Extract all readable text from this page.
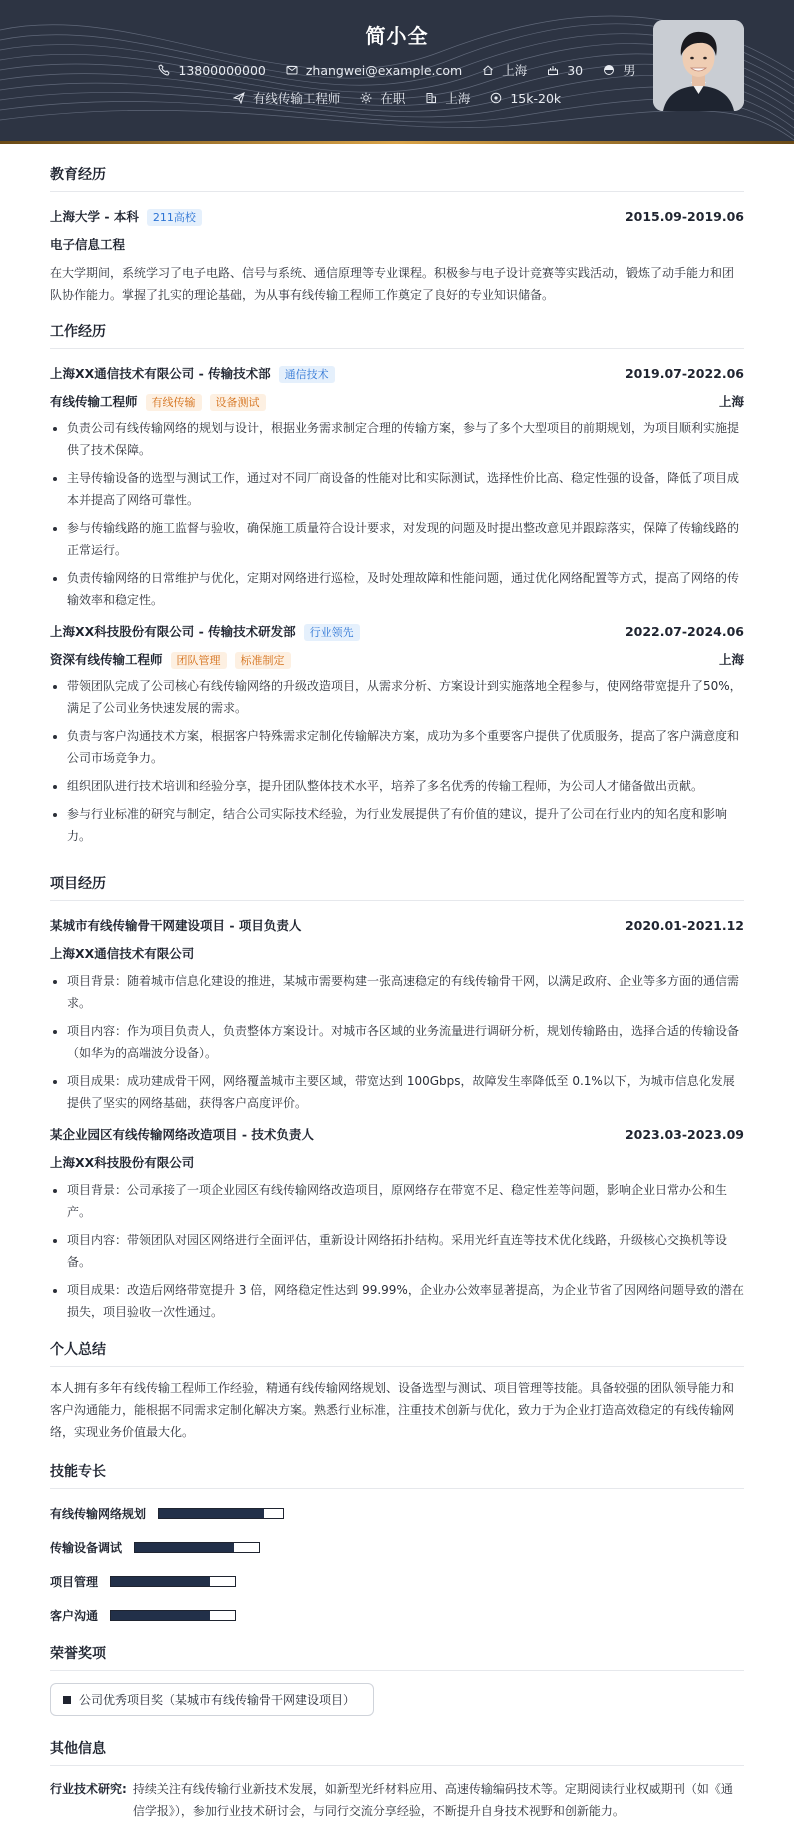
简小全
13800000000	zhangwei@example.com	上海	30	男
有线传输工程师	在职	上海	15k-20k
教育经历
上海大学 - 本科 211高校	2015.09-2019.06
电子信息工程
在大学期间，系统学习了电子电路、信号与系统、通信原理等专业课程。积极参与电子设计竞赛等实践活动，锻炼了动手能力和团队协作能力。掌握了扎实的理论基础，为从事有线传输工程师工作奠定了良好的专业知识储备。
工作经历
上海XX通信技术有限公司 - 传输技术部 通信技术	2019.07-2022.06
有线传输工程师 有线传输 设备测试	上海
负责公司有线传输网络的规划与设计，根据业务需求制定合理的传输方案，参与了多个大型项目的前期规划，为项目顺利实施提供了技术保障。
主导传输设备的选型与测试工作，通过对不同厂商设备的性能对比和实际测试，选择性价比高、稳定性强的设备，降低了项目成本并提高了网络可靠性。
参与传输线路的施工监督与验收，确保施工质量符合设计要求，对发现的问题及时提出整改意见并跟踪落实，保障了传输线路的正常运行。
负责传输网络的日常维护与优化，定期对网络进行巡检，及时处理故障和性能问题，通过优化网络配置等方式，提高了网络的传输效率和稳定性。
上海XX科技股份有限公司 - 传输技术研发部 行业领先	2022.07-2024.06
资深有线传输工程师 团队管理 标准制定	上海
带领团队完成了公司核心有线传输网络的升级改造项目，从需求分析、方案设计到实施落地全程参与，使网络带宽提升了50%，满足了公司业务快速发展的需求。
负责与客户沟通技术方案，根据客户特殊需求定制化传输解决方案，成功为多个重要客户提供了优质服务，提高了客户满意度和公司市场竞争力。
组织团队进行技术培训和经验分享，提升团队整体技术水平，培养了多名优秀的传输工程师，为公司人才储备做出贡献。
参与行业标准的研究与制定，结合公司实际技术经验，为行业发展提供了有价值的建议，提升了公司在行业内的知名度和影响力。
项目经历
某城市有线传输骨干网建设项目 - 项目负责人	2020.01-2021.12
上海XX通信技术有限公司
项目背景：随着城市信息化建设的推进，某城市需要构建一张高速稳定的有线传输骨干网，以满足政府、企业等多方面的通信需求。
项目内容：作为项目负责人，负责整体方案设计。对城市各区域的业务流量进行调研分析，规划传输路由，选择合适的传输设备（如华为的高端波分设备）。
项目成果：成功建成骨干网，网络覆盖城市主要区域，带宽达到 100Gbps，故障发生率降低至 0.1%以下，为城市信息化发展提供了坚实的网络基础，获得客户高度评价。
某企业园区有线传输网络改造项目 - 技术负责人	2023.03-2023.09
上海XX科技股份有限公司
项目背景：公司承接了一项企业园区有线传输网络改造项目，原网络存在带宽不足、稳定性差等问题，影响企业日常办公和生产。
项目内容：带领团队对园区网络进行全面评估，重新设计网络拓扑结构。采用光纤直连等技术优化线路，升级核心交换机等设备。
项目成果：改造后网络带宽提升 3 倍，网络稳定性达到 99.99%，企业办公效率显著提高，为企业节省了因网络问题导致的潜在损失，项目验收一次性通过。
个人总结
本人拥有多年有线传输工程师工作经验，精通有线传输网络规划、设备选型与测试、项目管理等技能。具备较强的团队领导能力和客户沟通能力，能根据不同需求定制化解决方案。熟悉行业标准，注重技术创新与优化，致力于为企业打造高效稳定的有线传输网络，实现业务价值最大化。
技能专长
有线传输网络规划
传输设备调试
项目管理
客户沟通
荣誉奖项
公司优秀项目奖（某城市有线传输骨干网建设项目）
其他信息
行业技术研究: 持续关注有线传输行业新技术发展，如新型光纤材料应用、高速传输编码技术等。定期阅读行业权威期刊（如《通信学报》），参加行业技术研讨会，与同行交流分享经验，不断提升自身技术视野和创新能力。
